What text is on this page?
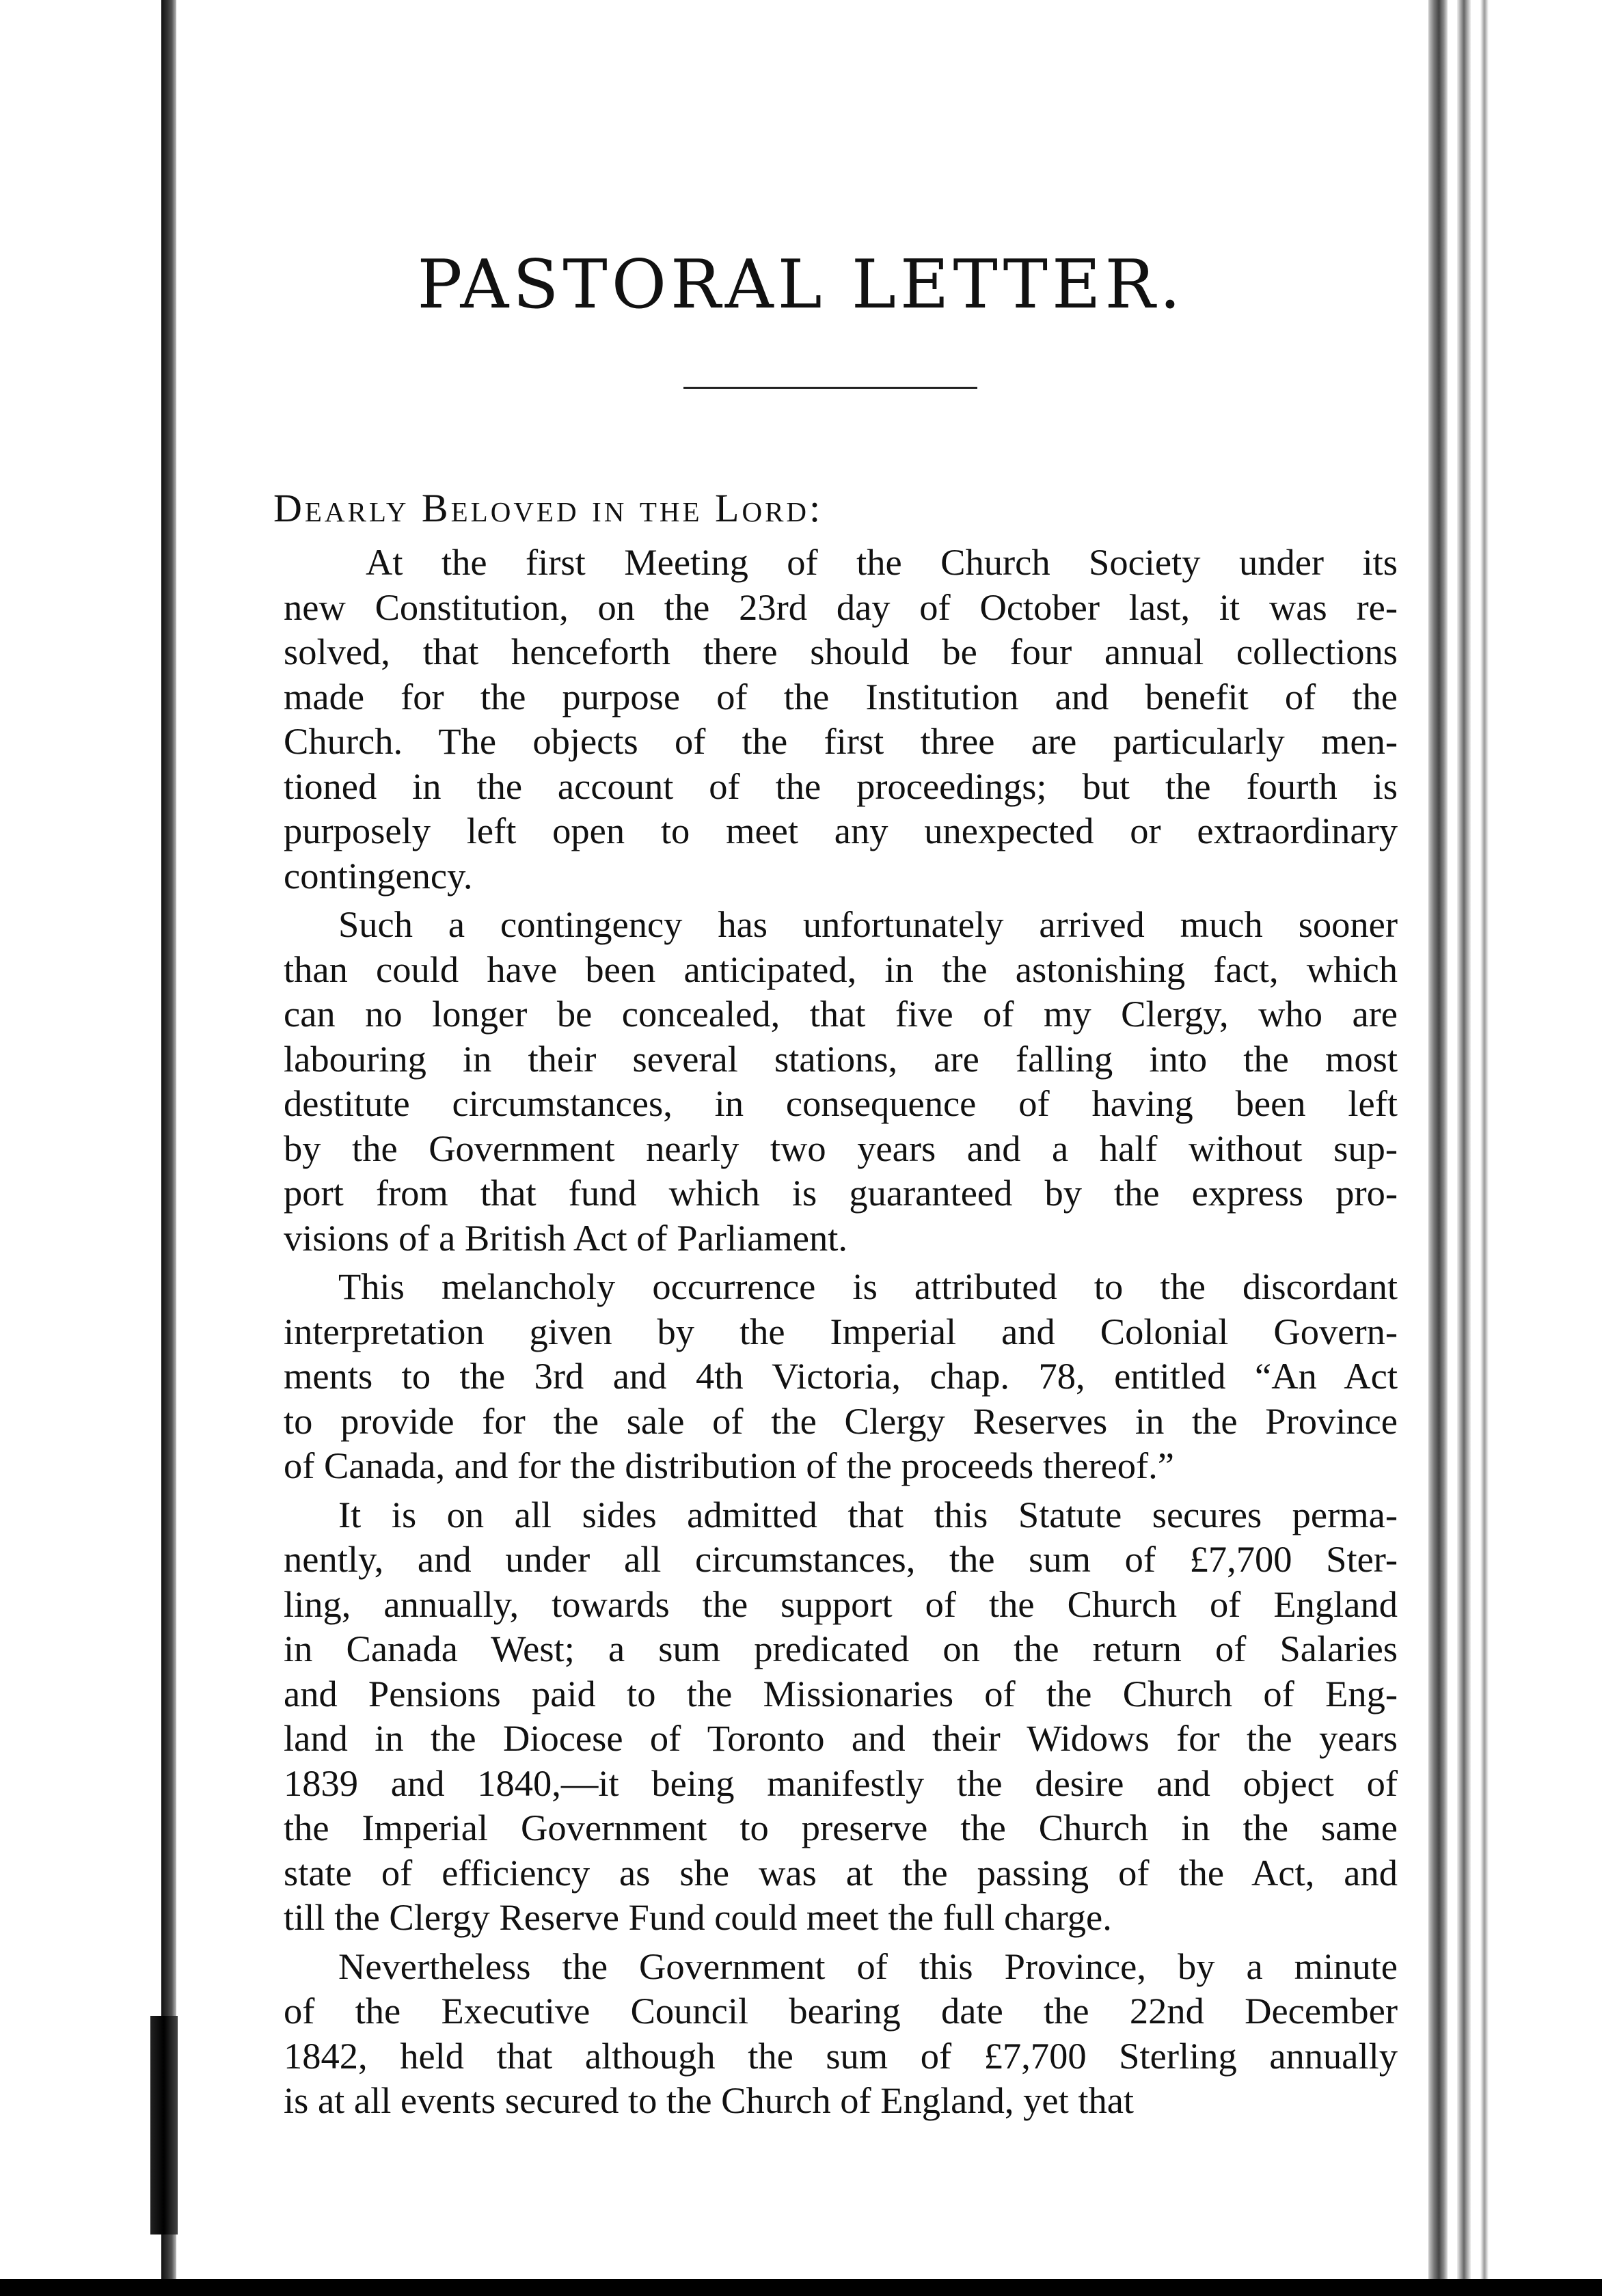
PASTORAL LETTER.
Dearly Beloved in the Lord:
At the first Meeting of the Church Society under its
new Constitution, on the 23rd day of October last, it was re-
solved, that henceforth there should be four annual collections
made for the purpose of the Institution and benefit of the
Church. The objects of the first three are particularly men-
tioned in the account of the proceedings; but the fourth is
purposely left open to meet any unexpected or extraordinary
contingency.
Such a contingency has unfortunately arrived much sooner
than could have been anticipated, in the astonishing fact, which
can no longer be concealed, that five of my Clergy, who are
labouring in their several stations, are falling into the most
destitute circumstances, in consequence of having been left
by the Government nearly two years and a half without sup-
port from that fund which is guaranteed by the express pro-
visions of a British Act of Parliament.
This melancholy occurrence is attributed to the discordant
interpretation given by the Imperial and Colonial Govern-
ments to the 3rd and 4th Victoria, chap. 78, entitled “An Act
to provide for the sale of the Clergy Reserves in the Province
of Canada, and for the distribution of the proceeds thereof.”
It is on all sides admitted that this Statute secures perma-
nently, and under all circumstances, the sum of £7,700 Ster-
ling, annually, towards the support of the Church of England
in Canada West; a sum predicated on the return of Salaries
and Pensions paid to the Missionaries of the Church of Eng-
land in the Diocese of Toronto and their Widows for the years
1839 and 1840,—it being manifestly the desire and object of
the Imperial Government to preserve the Church in the same
state of efficiency as she was at the passing of the Act, and
till the Clergy Reserve Fund could meet the full charge.
Nevertheless the Government of this Province, by a minute
of the Executive Council bearing date the 22nd December
1842, held that although the sum of £7,700 Sterling annually
is at all events secured to the Church of England, yet that
